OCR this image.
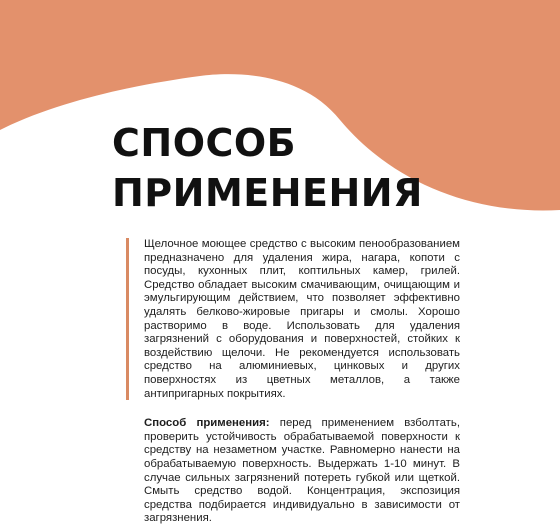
СПОСОБ
ПРИМЕНЕНИЯ

Щелочное моющее средство с высоким пенообразованием предназначено для удаления жира, нагара, копоти с посуды, кухонных плит, коптильных камер, грилей. Средство обладает высоким смачивающим, очищающим и эмульгирующим действием, что позволяет эффективно удалять белково-жировые пригары и смолы. Хорошо растворимо в воде. Использовать для удаления загрязнений с оборудования и поверхностей, стойких к воздействию щелочи. Не рекомендуется использовать средство на алюминиевых, цинковых и других поверхностях из цветных металлов, а также антипригарных покрытиях.

Способ применения: перед применением взболтать, проверить устойчивость обрабатываемой поверхности к средству на незаметном участке. Равномерно нанести на обрабатываемую поверхность. Выдержать 1-10 минут. В случае сильных загрязнений потереть губкой или щеткой. Смыть средство водой. Концентрация, экспозиция средства подбирается индивидуально в зависимости от загрязнения.
